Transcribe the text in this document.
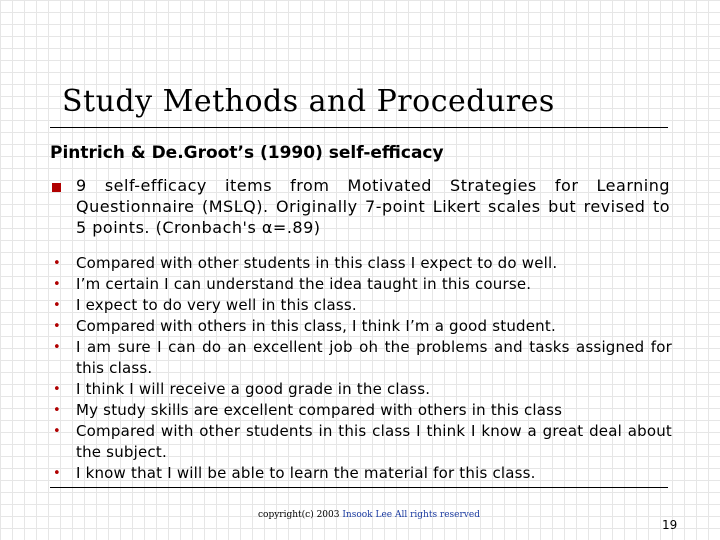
Study Methods and Procedures
Pintrich & De.Groot’s (1990) self-efficacy
9 self-efficacy items from Motivated Strategies for Learning Questionnaire (MSLQ). Originally 7-point Likert scales but revised to 5 points. (Cronbach's α=.89)
• Compared with other students in this class I expect to do well.
• I’m certain I can understand the idea taught in this course.
• I expect to do very well in this class.
• Compared with others in this class, I think I’m a good student.
• I am sure I can do an excellent job oh the problems and tasks assigned for this class.
• I think I will receive a good grade in the class.
• My study skills are excellent compared with others in this class
• Compared with other students in this class I think I know a great deal about the subject.
• I know that I will be able to learn the material for this class.
copyright(c) 2003 Insook Lee All rights reserved
19
